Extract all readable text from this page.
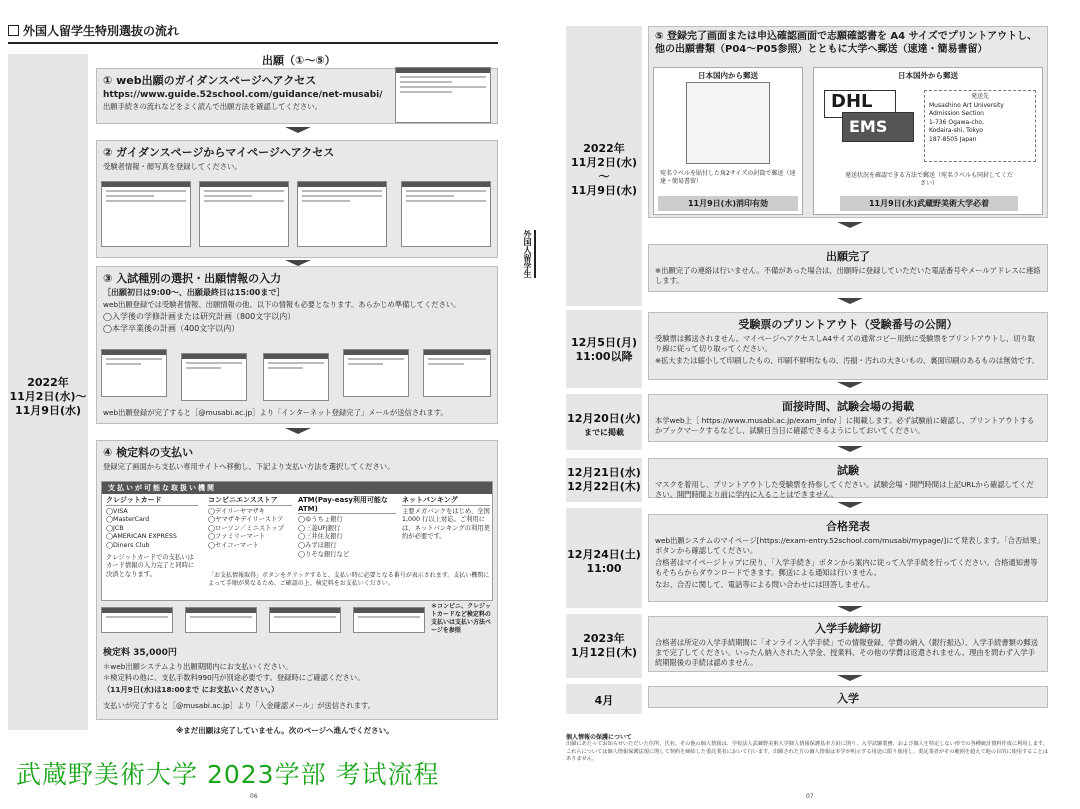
外国人留学生特別選抜の流れ
2022年
11月2日(水)～
11月9日(水)
出願（①～⑤）
① web出願のガイダンスページへアクセス
https://www.guide.52school.com/guidance/net-musabi/
出願手続きの流れなどをよく読んで出願方法を確認してください。
② ガイダンスページからマイページへアクセス
受験者情報・顔写真を登録してください。
③ 入試種別の選択・出願情報の入力
［出願初日は9:00～、出願最終日は15:00まで］
web出願登録では受験者情報、出願情報の他、以下の情報も必要となります。あらかじめ準備してください。
◯入学後の学修計画または研究計画（800文字以内）
◯本学卒業後の計画（400文字以内）
web出願登録が完了すると［@musabi.ac.jp］より「インターネット登録完了」メールが送信されます。
④ 検定料の支払い
登録完了画面から支払い専用サイトへ移動し、下記より支払い方法を選択してください。
支払いが可能な取扱い機関
クレジットカード
◯VISA
◯MasterCard
◯JCB
◯AMERICAN EXPRESS
◯Diners Club
クレジットカードでの支払いはカード情報の入力完了と同時に決済となります。
コンビニエンスストア
◯デイリーヤマザキ
◯ヤマザキデイリーストア
◯ローソン／ミニストップ
◯ファミリーマート
◯セイコーマート
ATM(Pay-easy利用可能なATM)
◯ゆうちょ銀行
◯三菱UFJ銀行
◯三井住友銀行
◯みずほ銀行
◯りそな銀行など
ネットバンキング
主要メガバンクをはじめ、全国 1,000 行以上対応。ご利用には、ネットバンキングの利用契約が必要です。
「お支払情報取得」ボタンをクリックすると、支払い時に必要となる番号が表示されます。支払い機関によって手順が異なるため、ご確認の上、検定料をお支払いください。
＊コンビニ、クレジットカードなど検定料の支払いは支払い方法ページを参照
検定料 35,000円
＊web出願システムより出願期間内にお支払いください。
＊検定料の他に、支払手数料990円が別途必要です。登録時にご確認ください。
（11月9日(水)は18:00まで にお支払いください。）
支払いが完了すると［@musabi.ac.jp］より「入金確認メール」が送信されます。
※まだ出願は完了していません。次のページへ進んでください。
06
外国人留学生
2022年
11月2日(水)～
11月9日(水)
12月5日(月)
11:00以降
12月20日(火)
までに掲載
12月21日(水)
12月22日(木)
12月24日(土)
11:00
2023年
1月12日(木)
4月
⑤ 登録完了画面または申込確認画面で志願確認書を A4 サイズでプリントアウトし、他の出願書類（P04～P05参照）とともに大学へ郵送（速達・簡易書留）
日本国内から郵送
宛名ラベルを貼付した角2サイズの封筒で郵送（速達・簡易書留）
11月9日(水)消印有効
日本国外から郵送
DHL
EMS
発送先
Musashino Art University
Admission Section
1-736 Ogawa-cho,
Kodaira-shi, Tokyo
187-8505 Japan
発送状況を確認できる方法で郵送（宛名ラベルも同封してください）
11月9日(水)武蔵野美術大学必着
出願完了
※出願完了の連絡は行いません。不備があった場合は、出願時に登録していただいた電話番号やメールアドレスに連絡します。
受験票のプリントアウト（受験番号の公開）
受験票は郵送されません。マイページへアクセスしA4サイズの通常コピー用紙に受験票をプリントアウトし、切り取り線に従って切り取ってください。
※拡大または縮小して印刷したもの、印刷不鮮明なもの、汚損・汚れの大きいもの、裏面印刷のあるものは無効です。
面接時間、試験会場の掲載
本学web上［ https://www.musabi.ac.jp/exam_info/ ］に掲載します。必ず試験前に確認し、プリントアウトするかブックマークするなどし、試験日当日に確認できるようにしておいてください。
試験
マスクを着用し、プリントアウトした受験票を持参してください。試験会場・開門時間は上記URLから確認してください。開門時間より前に学内に入ることはできません。
合格発表
web出願システムのマイページ[https://exam-entry.52school.com/musabi/mypage/]にて発表します。「合否結果」ボタンから確認してください。
合格者はマイページトップに戻り、「入学手続き」ボタンから案内に従って入学手続を行ってください。合格通知書等もそちらからダウンロードできます。郵送による通知は行いません。
なお、合否に関して、電話等による問い合わせには回答しません。
入学手続締切
合格者は所定の入学手続期間に「オンライン入学手続」での情報登録、学費の納入（銀行振込）、入学手続書類の郵送まで完了してください。いったん納入された入学金、授業料、その他の学費は返還されません。理由を問わず入学手続期限後の手続は認めません。
入学
個人情報の保護について
出願にあたってお知らせいただいた住所、氏名、その他の個人情報は、学校法人武蔵野美術大学個人情報保護基本方針に則り、入学試験業務、および個人を特定しない形での各種統計資料作成に利用します。これらについては個人情報保護法規に則して契約を締結した委託業者において行います。出願された方の個人情報は本学が明示する用途に限り使用し、委託業者がその範囲を超えて他の目的に使用することはありません。
07
武蔵野美術大学 2023学部 考试流程
